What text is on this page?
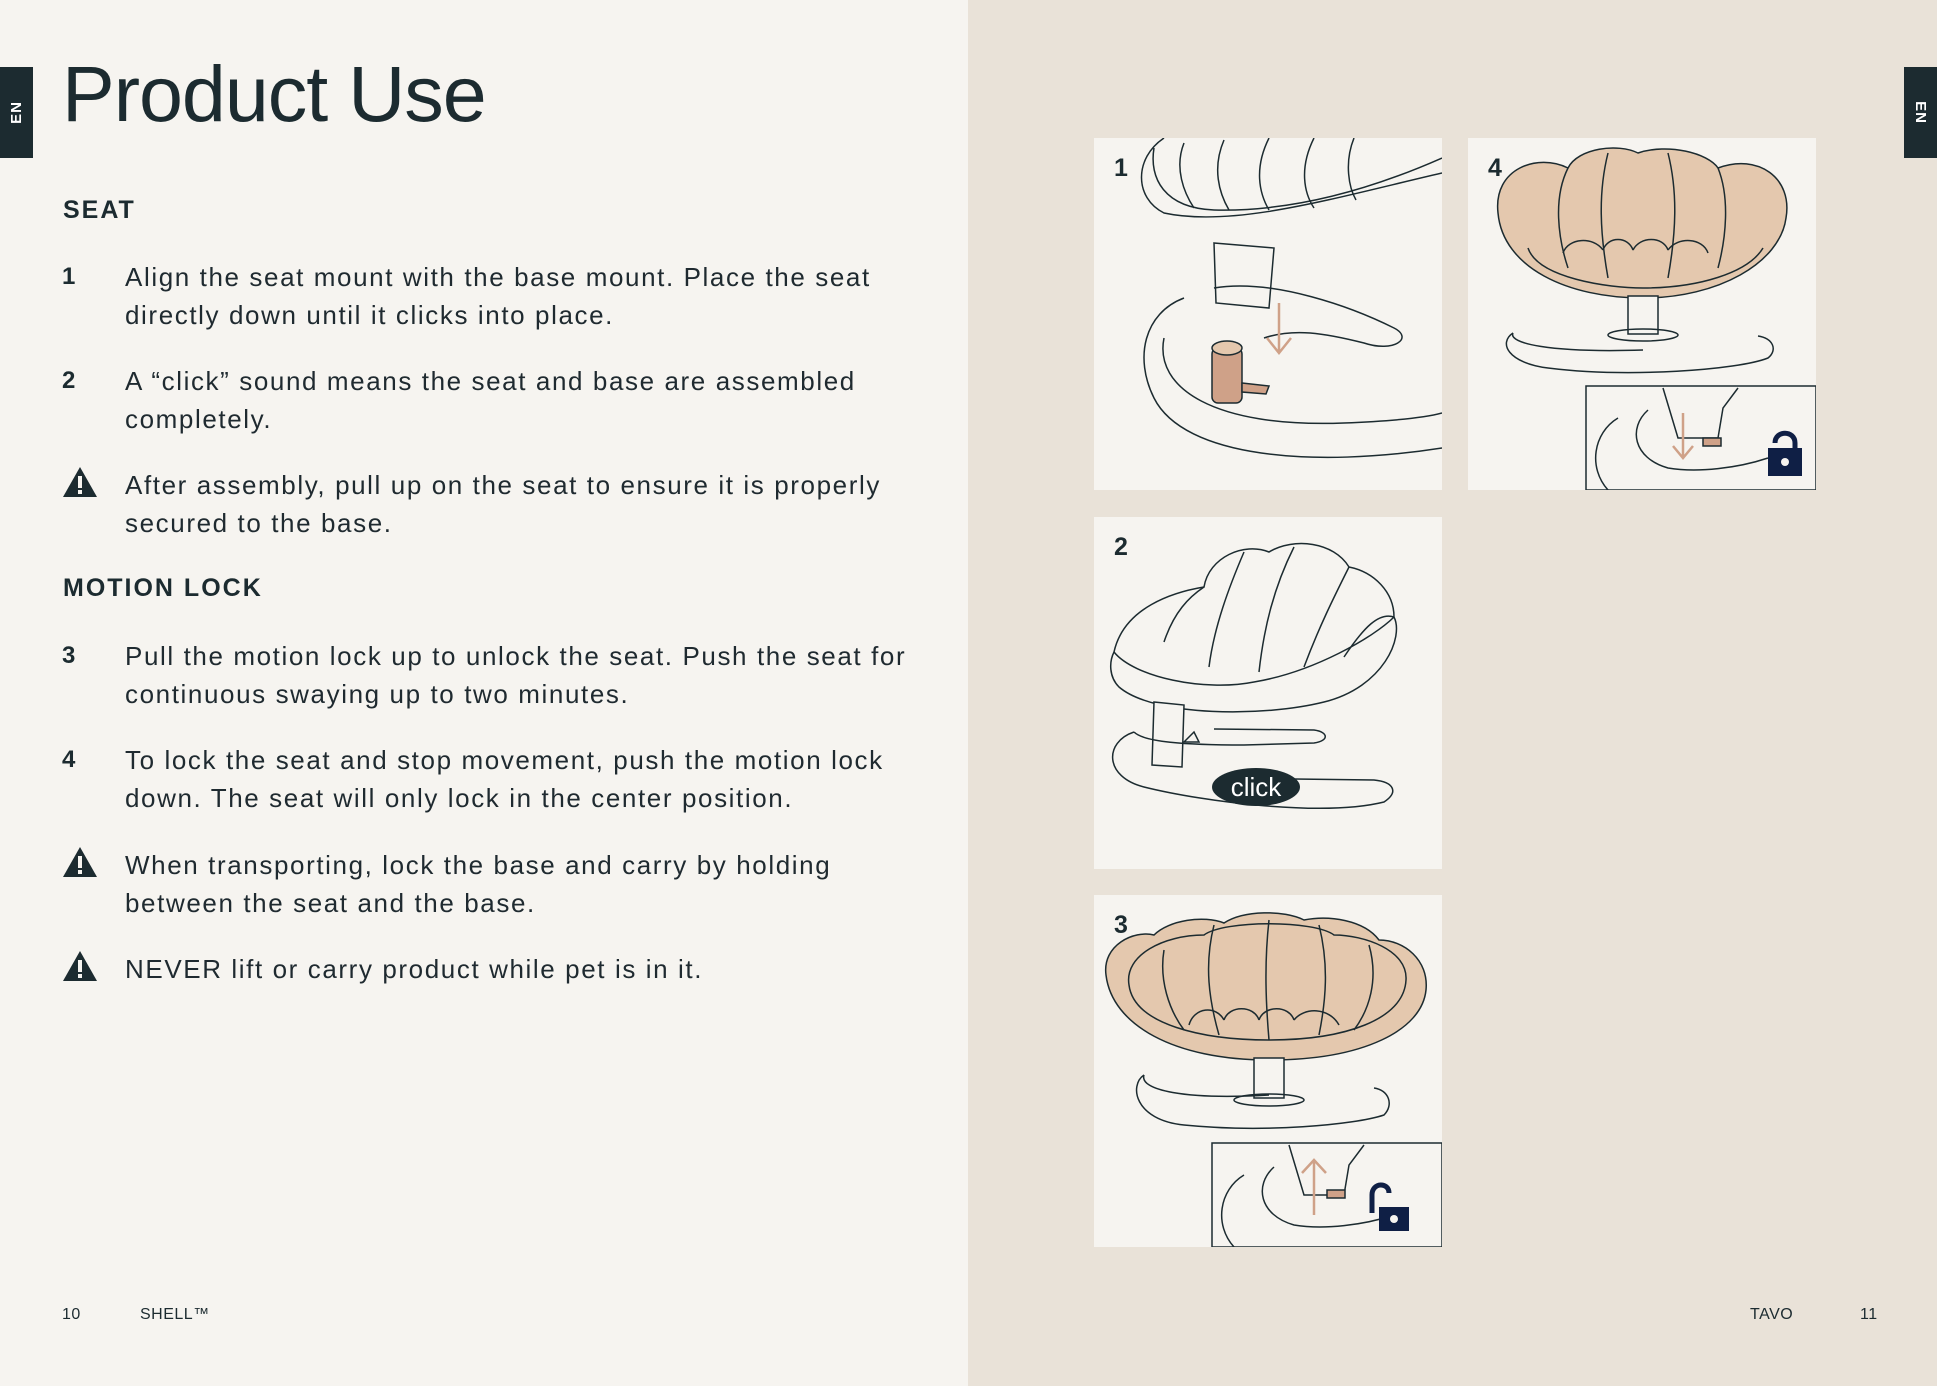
EN Product Use
SEAT
1	Align the seat mount with the base mount. Place the seat directly down until it clicks into place.
2	A “click” sound means the seat and base are assembled completely.
After assembly, pull up on the seat to ensure it is properly secured to the base.
MOTION LOCK
3	Pull the motion lock up to unlock the seat. Push the seat for continuous swaying up to two minutes.
4	To lock the seat and stop movement, push the motion lock down. The seat will only lock in the center position.
When transporting, lock the base and carry by holding between the seat and the base.
NEVER lift or carry product while pet is in it.
10	SHELL™
EN
1	4
click
2
3
TAVO	11
